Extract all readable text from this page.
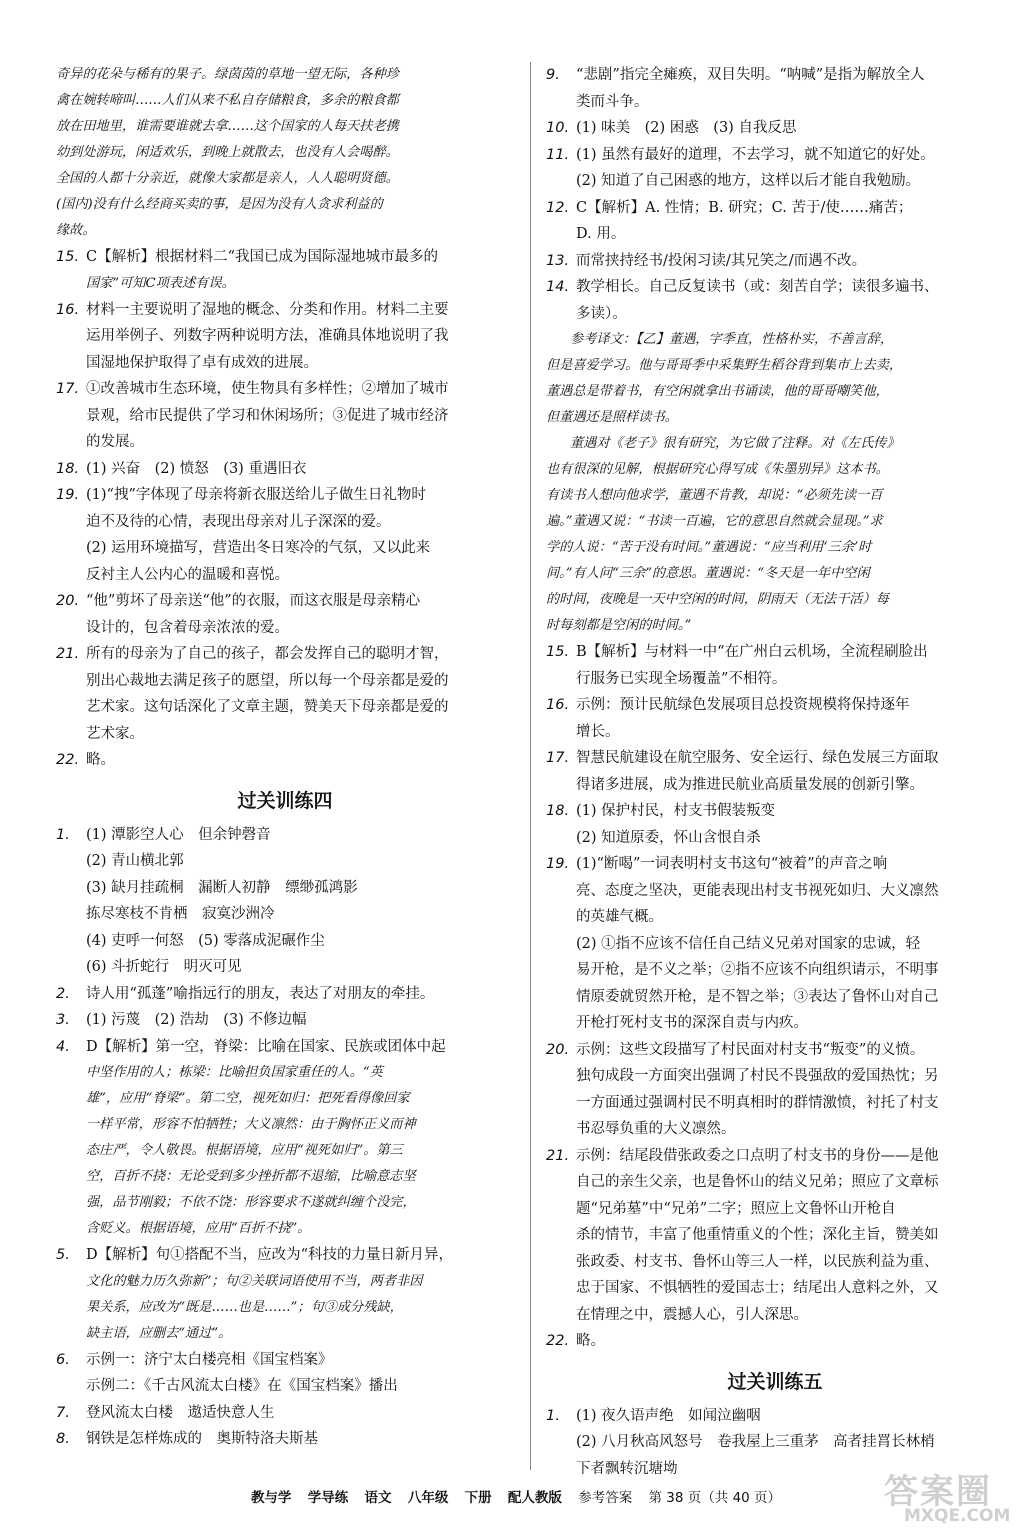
奇异的花朵与稀有的果子。绿茵茵的草地一望无际，各种珍
禽在婉转啼叫……人们从来不私自存储粮食，多余的粮食都
放在田地里，谁需要谁就去拿……这个国家的人每天扶老携
幼到处游玩，闲适欢乐，到晚上就散去，也没有人会喝醉。
全国的人都十分亲近，就像大家都是亲人，人人聪明贤德。
(国内)没有什么经商买卖的事，是因为没有人贪求利益的
缘故。
15. C【解析】根据材料二“我国已成为国际湿地城市最多的
国家”可知C项表述有误。
16. 材料一主要说明了湿地的概念、分类和作用。材料二主要
运用举例子、列数字两种说明方法，准确具体地说明了我
国湿地保护取得了卓有成效的进展。
17. ①改善城市生态环境，使生物具有多样性；②增加了城市
景观，给市民提供了学习和休闲场所；③促进了城市经济
的发展。
18. (1) 兴奋　(2) 愤怒　(3) 重遇旧衣
19. (1)“拽”字体现了母亲将新衣服送给儿子做生日礼物时
迫不及待的心情，表现出母亲对儿子深深的爱。
(2) 运用环境描写，营造出冬日寒冷的气氛，又以此来
反衬主人公内心的温暖和喜悦。
20. “他”剪坏了母亲送“他”的衣服，而这衣服是母亲精心
设计的，包含着母亲浓浓的爱。
21. 所有的母亲为了自己的孩子，都会发挥自己的聪明才智，
别出心裁地去满足孩子的愿望，所以每一个母亲都是爱的
艺术家。这句话深化了文章主题，赞美天下母亲都是爱的
艺术家。
22. 略。
过关训练四
1.	(1) 潭影空人心　但余钟磬音
(2) 青山横北郭
(3) 缺月挂疏桐　漏断人初静　缥缈孤鸿影
拣尽寒枝不肯栖　寂寞沙洲冷
(4) 吏呼一何怒　(5) 零落成泥碾作尘
(6) 斗折蛇行　明灭可见
2.	诗人用“孤蓬”喻指远行的朋友，表达了对朋友的牵挂。
3.	(1) 污蔑　(2) 浩劫　(3) 不修边幅
4.	D【解析】第一空，脊梁：比喻在国家、民族或团体中起
中坚作用的人；栋梁：比喻担负国家重任的人。“英
雄”，应用“脊梁”。第二空，视死如归：把死看得像回家
一样平常，形容不怕牺牲；大义凛然：由于胸怀正义而神
态庄严，令人敬畏。根据语境，应用“视死如归”。第三
空，百折不挠：无论受到多少挫折都不退缩，比喻意志坚
强，品节刚毅；不依不饶：形容要求不遂就纠缠个没完，
含贬义。根据语境，应用“百折不挠”。
5.	D【解析】句①搭配不当，应改为“科技的力量日新月异，
文化的魅力历久弥新”；句②关联词语使用不当，两者非因
果关系，应改为“既是……也是……”；句③成分残缺，
缺主语，应删去“通过”。
6.	示例一：济宁太白楼亮相《国宝档案》
示例二：《千古风流太白楼》在《国宝档案》播出
7.	登风流太白楼　遨适快意人生
8.	钢铁是怎样炼成的　奥斯特洛夫斯基
9.	“悲剧”指完全瘫痪，双目失明。“呐喊”是指为解放全人
类而斗争。
10. (1) 味美　(2) 困惑　(3) 自我反思
11. (1) 虽然有最好的道理，不去学习，就不知道它的好处。
(2) 知道了自己困惑的地方，这样以后才能自我勉励。
12. C【解析】A. 性情；B. 研究；C. 苦于/使……痛苦；
D. 用。
13. 而常挟持经书/投闲习读/其兄笑之/而遇不改。
14. 教学相长。自己反复读书（或：刻苦自学；读很多遍书、
多读）。
参考译文：【乙】董遇，字季直，性格朴实，不善言辞，
但是喜爱学习。他与哥哥季中采集野生稻谷背到集市上去卖，
董遇总是带着书，有空闲就拿出书诵读，他的哥哥嘲笑他，
但董遇还是照样读书。
董遇对《老子》很有研究，为它做了注释。对《左氏传》
也有很深的见解，根据研究心得写成《朱墨别异》这本书。
有读书人想向他求学，董遇不肯教，却说：“必须先读一百
遍。”董遇又说：“书读一百遍，它的意思自然就会显现。”求
学的人说：“苦于没有时间。”董遇说：“应当利用‘三余’时
间。”有人问“三余”的意思。董遇说：“冬天是一年中空闲
的时间，夜晚是一天中空闲的时间，阴雨天（无法干活）每
时每刻都是空闲的时间。”
15. B【解析】与材料一中“在广州白云机场，全流程刷脸出
行服务已实现全场覆盖”不相符。
16. 示例：预计民航绿色发展项目总投资规模将保持逐年
增长。
17. 智慧民航建设在航空服务、安全运行、绿色发展三方面取
得诸多进展，成为推进民航业高质量发展的创新引擎。
18. (1) 保护村民，村支书假装叛变
(2) 知道原委，怀山含恨自杀
19. (1)“断喝”一词表明村支书这句“被着”的声音之响
亮、态度之坚决，更能表现出村支书视死如归、大义凛然
的英雄气概。
(2) ①指不应该不信任自己结义兄弟对国家的忠诚，轻
易开枪，是不义之举；②指不应该不向组织请示，不明事
情原委就贸然开枪，是不智之举；③表达了鲁怀山对自己
开枪打死村支书的深深自责与内疚。
20. 示例：这些文段描写了村民面对村支书“叛变”的义愤。
独句成段一方面突出强调了村民不畏强敌的爱国热忱；另
一方面通过强调村民不明真相时的群情激愤，衬托了村支
书忍辱负重的大义凛然。
21. 示例：结尾段借张政委之口点明了村支书的身份——是他
自己的亲生父亲，也是鲁怀山的结义兄弟；照应了文章标
题“兄弟墓”中“兄弟”二字；照应上文鲁怀山开枪自
杀的情节，丰富了他重情重义的个性；深化主旨，赞美如
张政委、村支书、鲁怀山等三人一样，以民族利益为重、
忠于国家、不惧牺牲的爱国志士；结尾出人意料之外，又
在情理之中，震撼人心，引人深思。
22. 略。
过关训练五
1.	(1) 夜久语声绝　如闻泣幽咽
(2) 八月秋高风怒号　卷我屋上三重茅　高者挂罥长林梢
下者飘转沉塘坳
教与学 学导练 语文 八年级 下册 配人教版 参考答案 第 38 页（共 40 页）	答案圈
MXQE.COM
